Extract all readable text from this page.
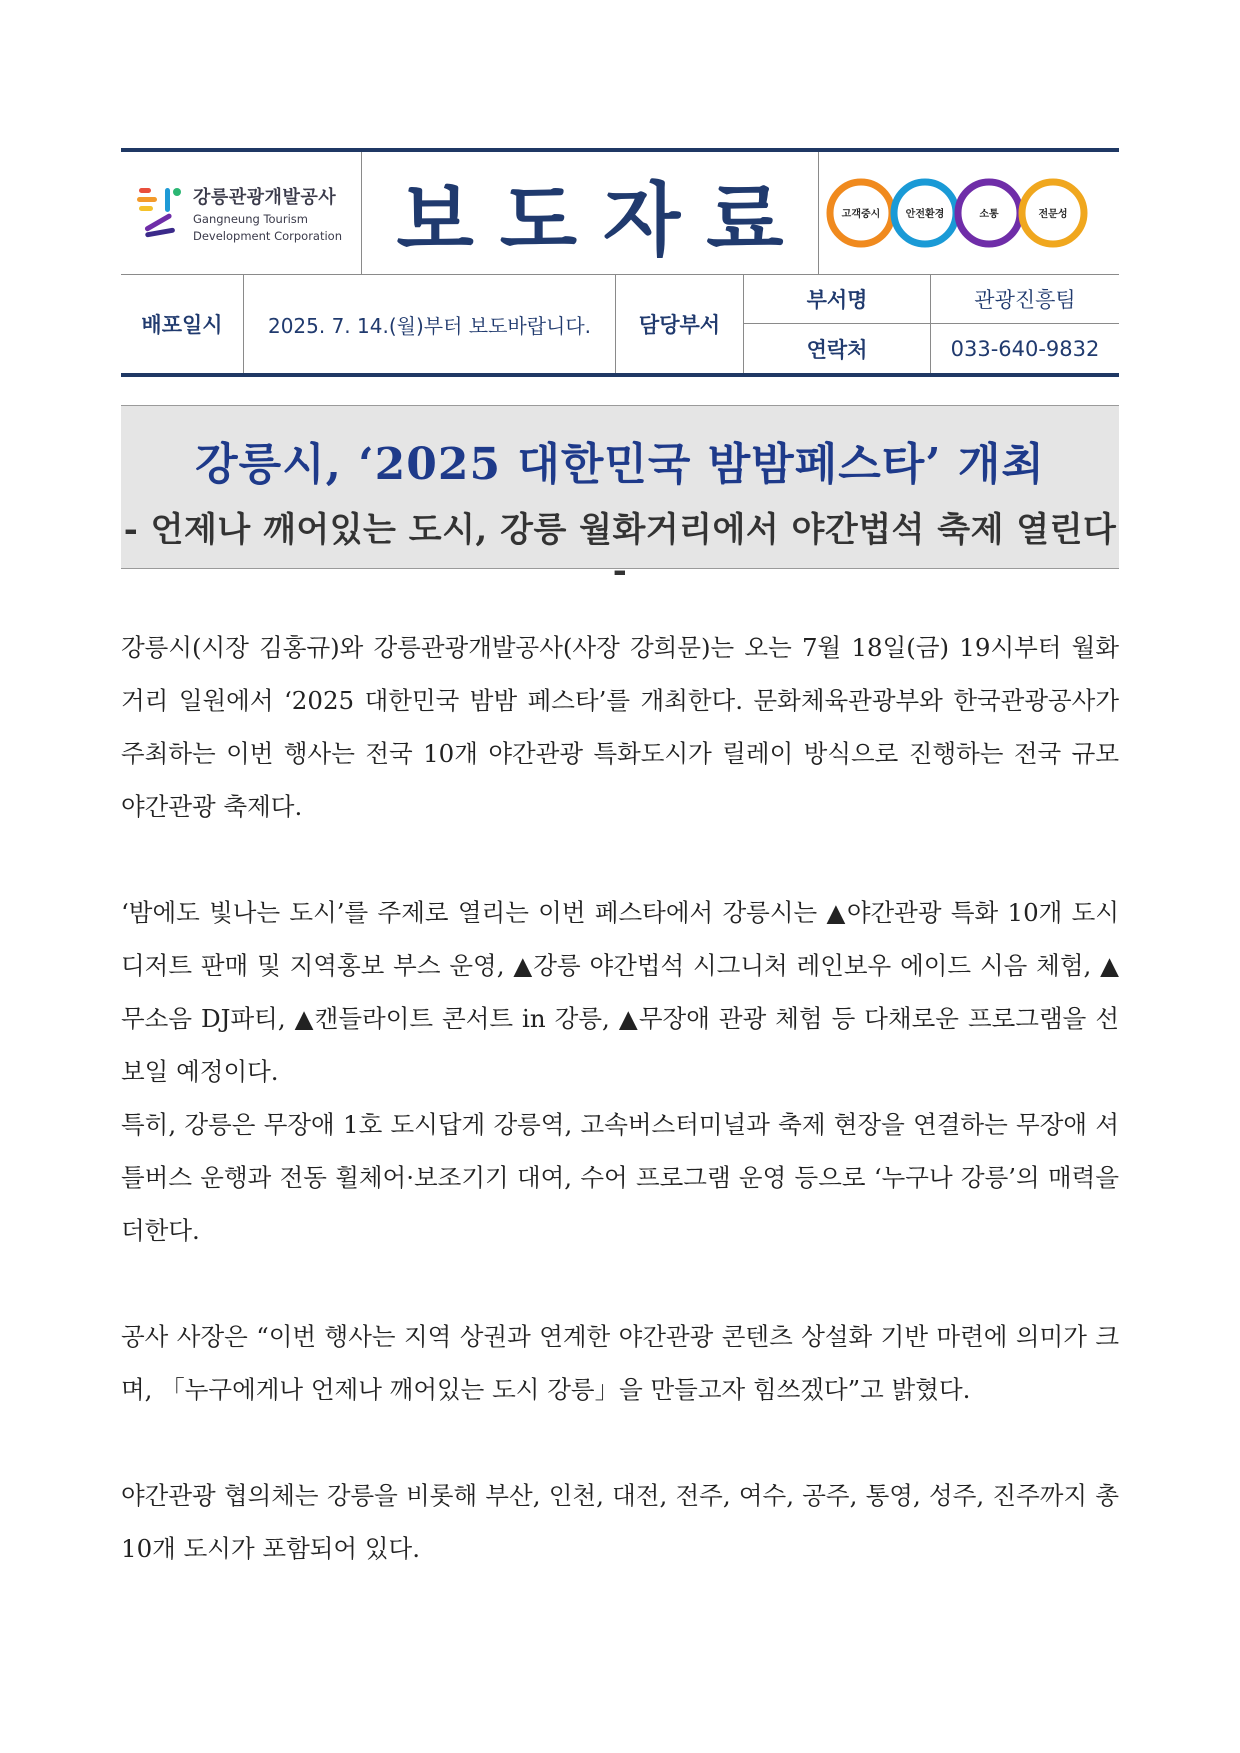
강릉관광개발공사
Gangneung Tourism
Development Corporation 보도자료	고객중시	안전환경	소통	전문성
배포일시	2025. 7. 14.(월)부터 보도바랍니다.	담당부서
부서명	관광진흥팀
연락처	033-640-9832
강릉시, ‘2025 대한민국 밤밤페스타’ 개최
- 언제나 깨어있는 도시, 강릉 월화거리에서 야간법석 축제 열린다 -

강릉시(시장 김홍규)와 강릉관광개발공사(사장 강희문)는 오는 7월 18일(금) 19시부터 월화거리 일원에서 ‘2025 대한민국 밤밤 페스타’를 개최한다. 문화체육관광부와 한국관광공사가 주최하는 이번 행사는 전국 10개 야간관광 특화도시가 릴레이 방식으로 진행하는 전국 규모 야간관광 축제다.

‘밤에도 빛나는 도시’를 주제로 열리는 이번 페스타에서 강릉시는 ▲야간관광 특화 10개 도시 디저트 판매 및 지역홍보 부스 운영, ▲강릉 야간법석 시그니처 레인보우 에이드 시음 체험, ▲무소음 DJ파티, ▲캔들라이트 콘서트 in 강릉, ▲무장애 관광 체험 등 다채로운 프로그램을 선보일 예정이다.

특히, 강릉은 무장애 1호 도시답게 강릉역, 고속버스터미널과 축제 현장을 연결하는 무장애 셔틀버스 운행과 전동 휠체어·보조기기 대여, 수어 프로그램 운영 등으로 ‘누구나 강릉’의 매력을 더한다.

공사 사장은 “이번 행사는 지역 상권과 연계한 야간관광 콘텐츠 상설화 기반 마련에 의미가 크며, 「누구에게나 언제나 깨어있는 도시 강릉」을 만들고자 힘쓰겠다”고 밝혔다.

야간관광 협의체는 강릉을 비롯해 부산, 인천, 대전, 전주, 여수, 공주, 통영, 성주, 진주까지 총 10개 도시가 포함되어 있다.
